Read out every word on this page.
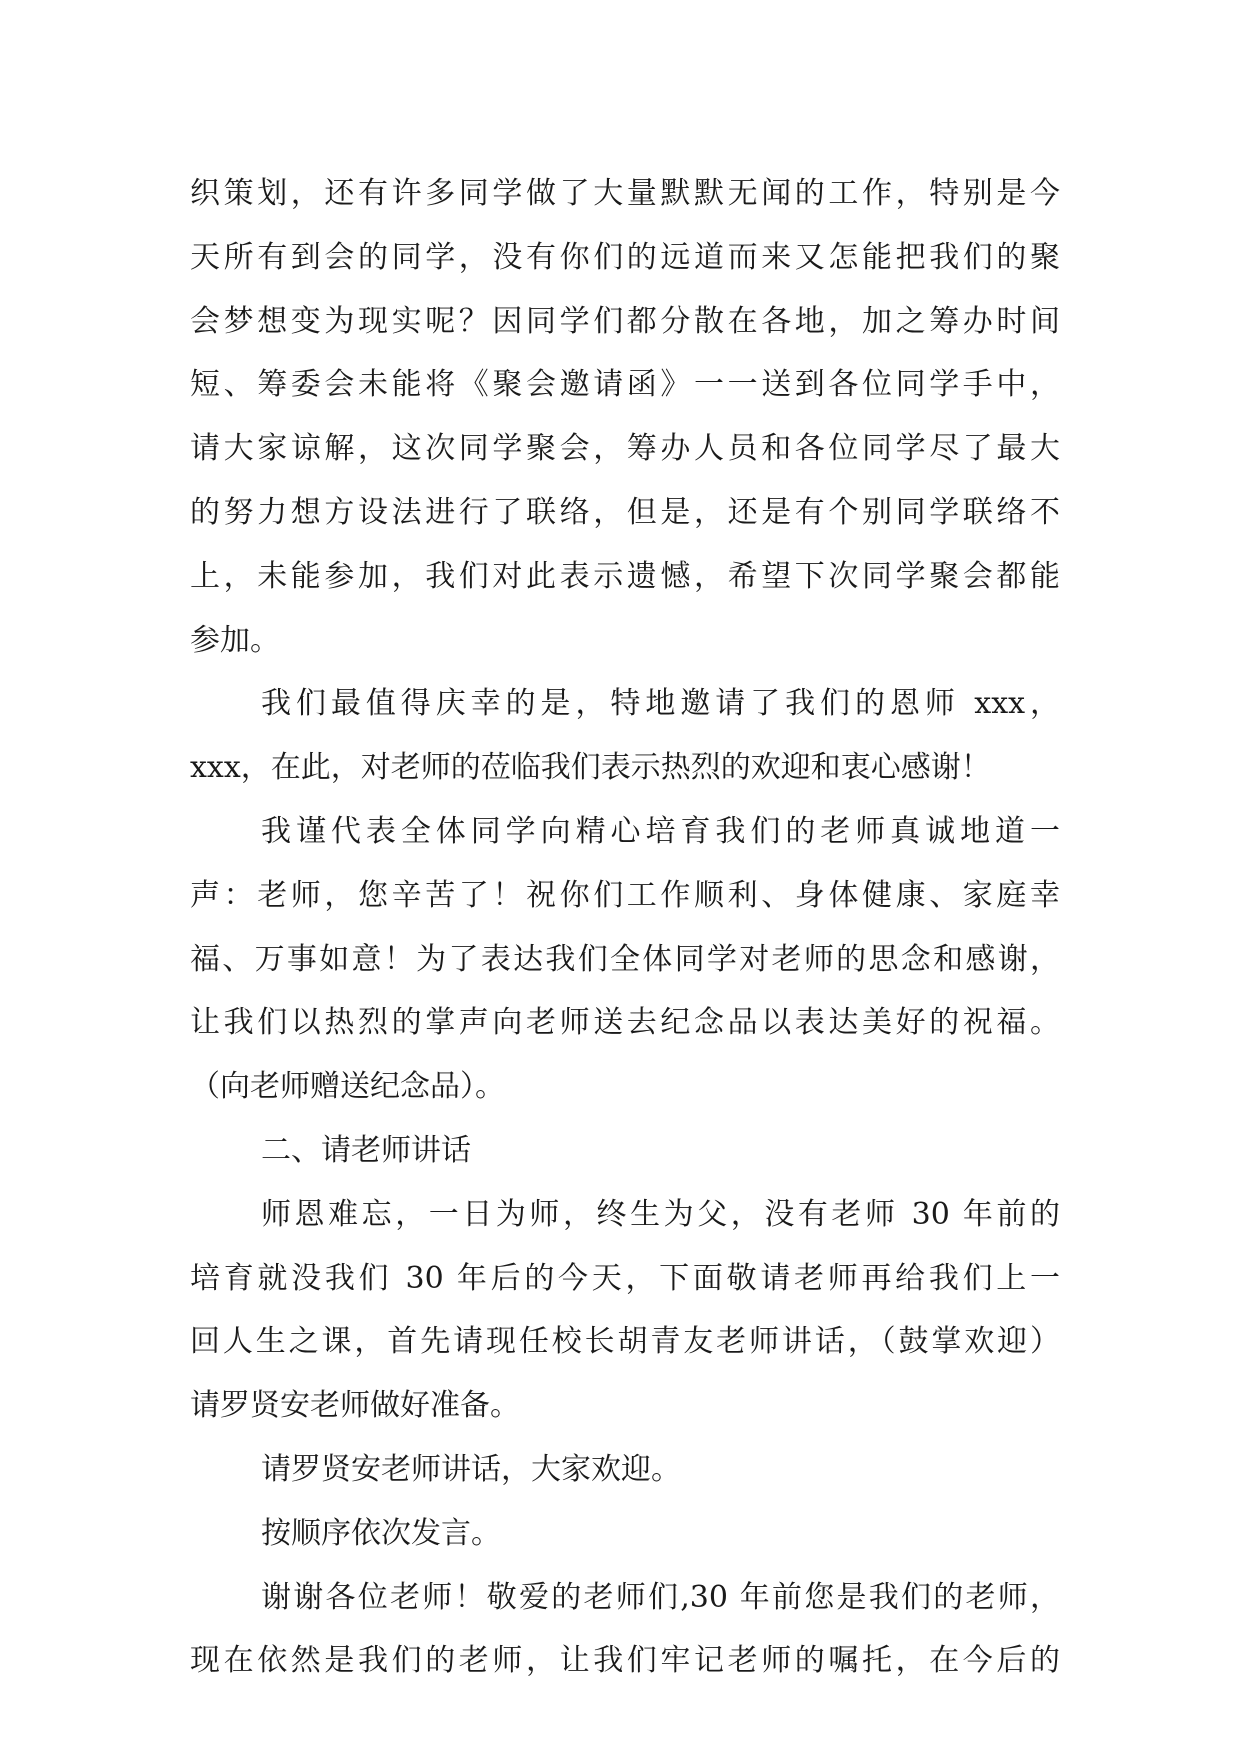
织策划，还有许多同学做了大量默默无闻的工作，特别是今
天所有到会的同学，没有你们的远道而来又怎能把我们的聚
会梦想变为现实呢？因同学们都分散在各地，加之筹办时间
短、筹委会未能将《聚会邀请函》一一送到各位同学手中，
请大家谅解，这次同学聚会，筹办人员和各位同学尽了最大
的努力想方设法进行了联络，但是，还是有个别同学联络不
上，未能参加，我们对此表示遗憾，希望下次同学聚会都能
参加。
我们最值得庆幸的是，特地邀请了我们的恩师 xxx，
xxx，在此，对老师的莅临我们表示热烈的欢迎和衷心感谢！
我谨代表全体同学向精心培育我们的老师真诚地道一
声：老师，您辛苦了！祝你们工作顺利、身体健康、家庭幸
福、万事如意！为了表达我们全体同学对老师的思念和感谢，
让我们以热烈的掌声向老师送去纪念品以表达美好的祝福。
（向老师赠送纪念品）。
二、请老师讲话
师恩难忘，一日为师，终生为父，没有老师 30 年前的
培育就没我们 30 年后的今天，下面敬请老师再给我们上一
回人生之课，首先请现任校长胡青友老师讲话，（鼓掌欢迎）
请罗贤安老师做好准备。
请罗贤安老师讲话，大家欢迎。
按顺序依次发言。
谢谢各位老师！敬爱的老师们,30 年前您是我们的老师，
现在依然是我们的老师，让我们牢记老师的嘱托，在今后的
